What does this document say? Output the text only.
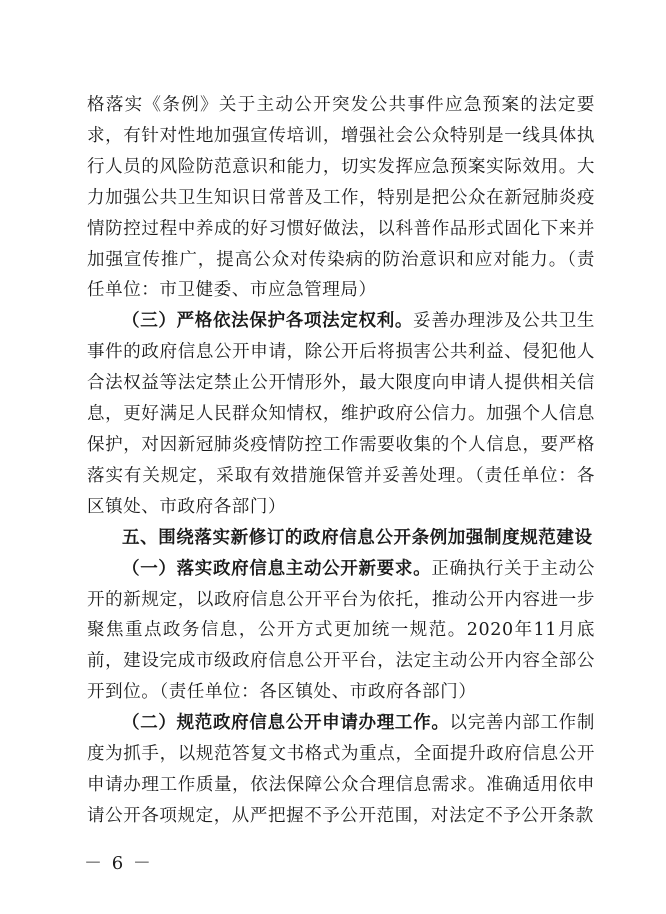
格落实《条例》关于主动公开突发公共事件应急预案的法定要求，有针对性地加强宣传培训，增强社会公众特别是一线具体执行人员的风险防范意识和能力，切实发挥应急预案实际效用。大力加强公共卫生知识日常普及工作，特别是把公众在新冠肺炎疫情防控过程中养成的好习惯好做法，以科普作品形式固化下来并加强宣传推广，提高公众对传染病的防治意识和应对能力。（责任单位：市卫健委、市应急管理局）

（三）严格依法保护各项法定权利。妥善办理涉及公共卫生事件的政府信息公开申请，除公开后将损害公共利益、侵犯他人合法权益等法定禁止公开情形外，最大限度向申请人提供相关信息，更好满足人民群众知情权，维护政府公信力。加强个人信息保护，对因新冠肺炎疫情防控工作需要收集的个人信息，要严格落实有关规定，采取有效措施保管并妥善处理。（责任单位：各区镇处、市政府各部门）

五、围绕落实新修订的政府信息公开条例加强制度规范建设

（一）落实政府信息主动公开新要求。正确执行关于主动公开的新规定，以政府信息公开平台为依托，推动公开内容进一步聚焦重点政务信息，公开方式更加统一规范。2020年11月底前，建设完成市级政府信息公开平台，法定主动公开内容全部公开到位。（责任单位：各区镇处、市政府各部门）

（二）规范政府信息公开申请办理工作。以完善内部工作制度为抓手，以规范答复文书格式为重点，全面提升政府信息公开申请办理工作质量，依法保障公众合理信息需求。准确适用依申请公开各项规定，从严把握不予公开范围，对法定不予公开条款

－ 6 －
